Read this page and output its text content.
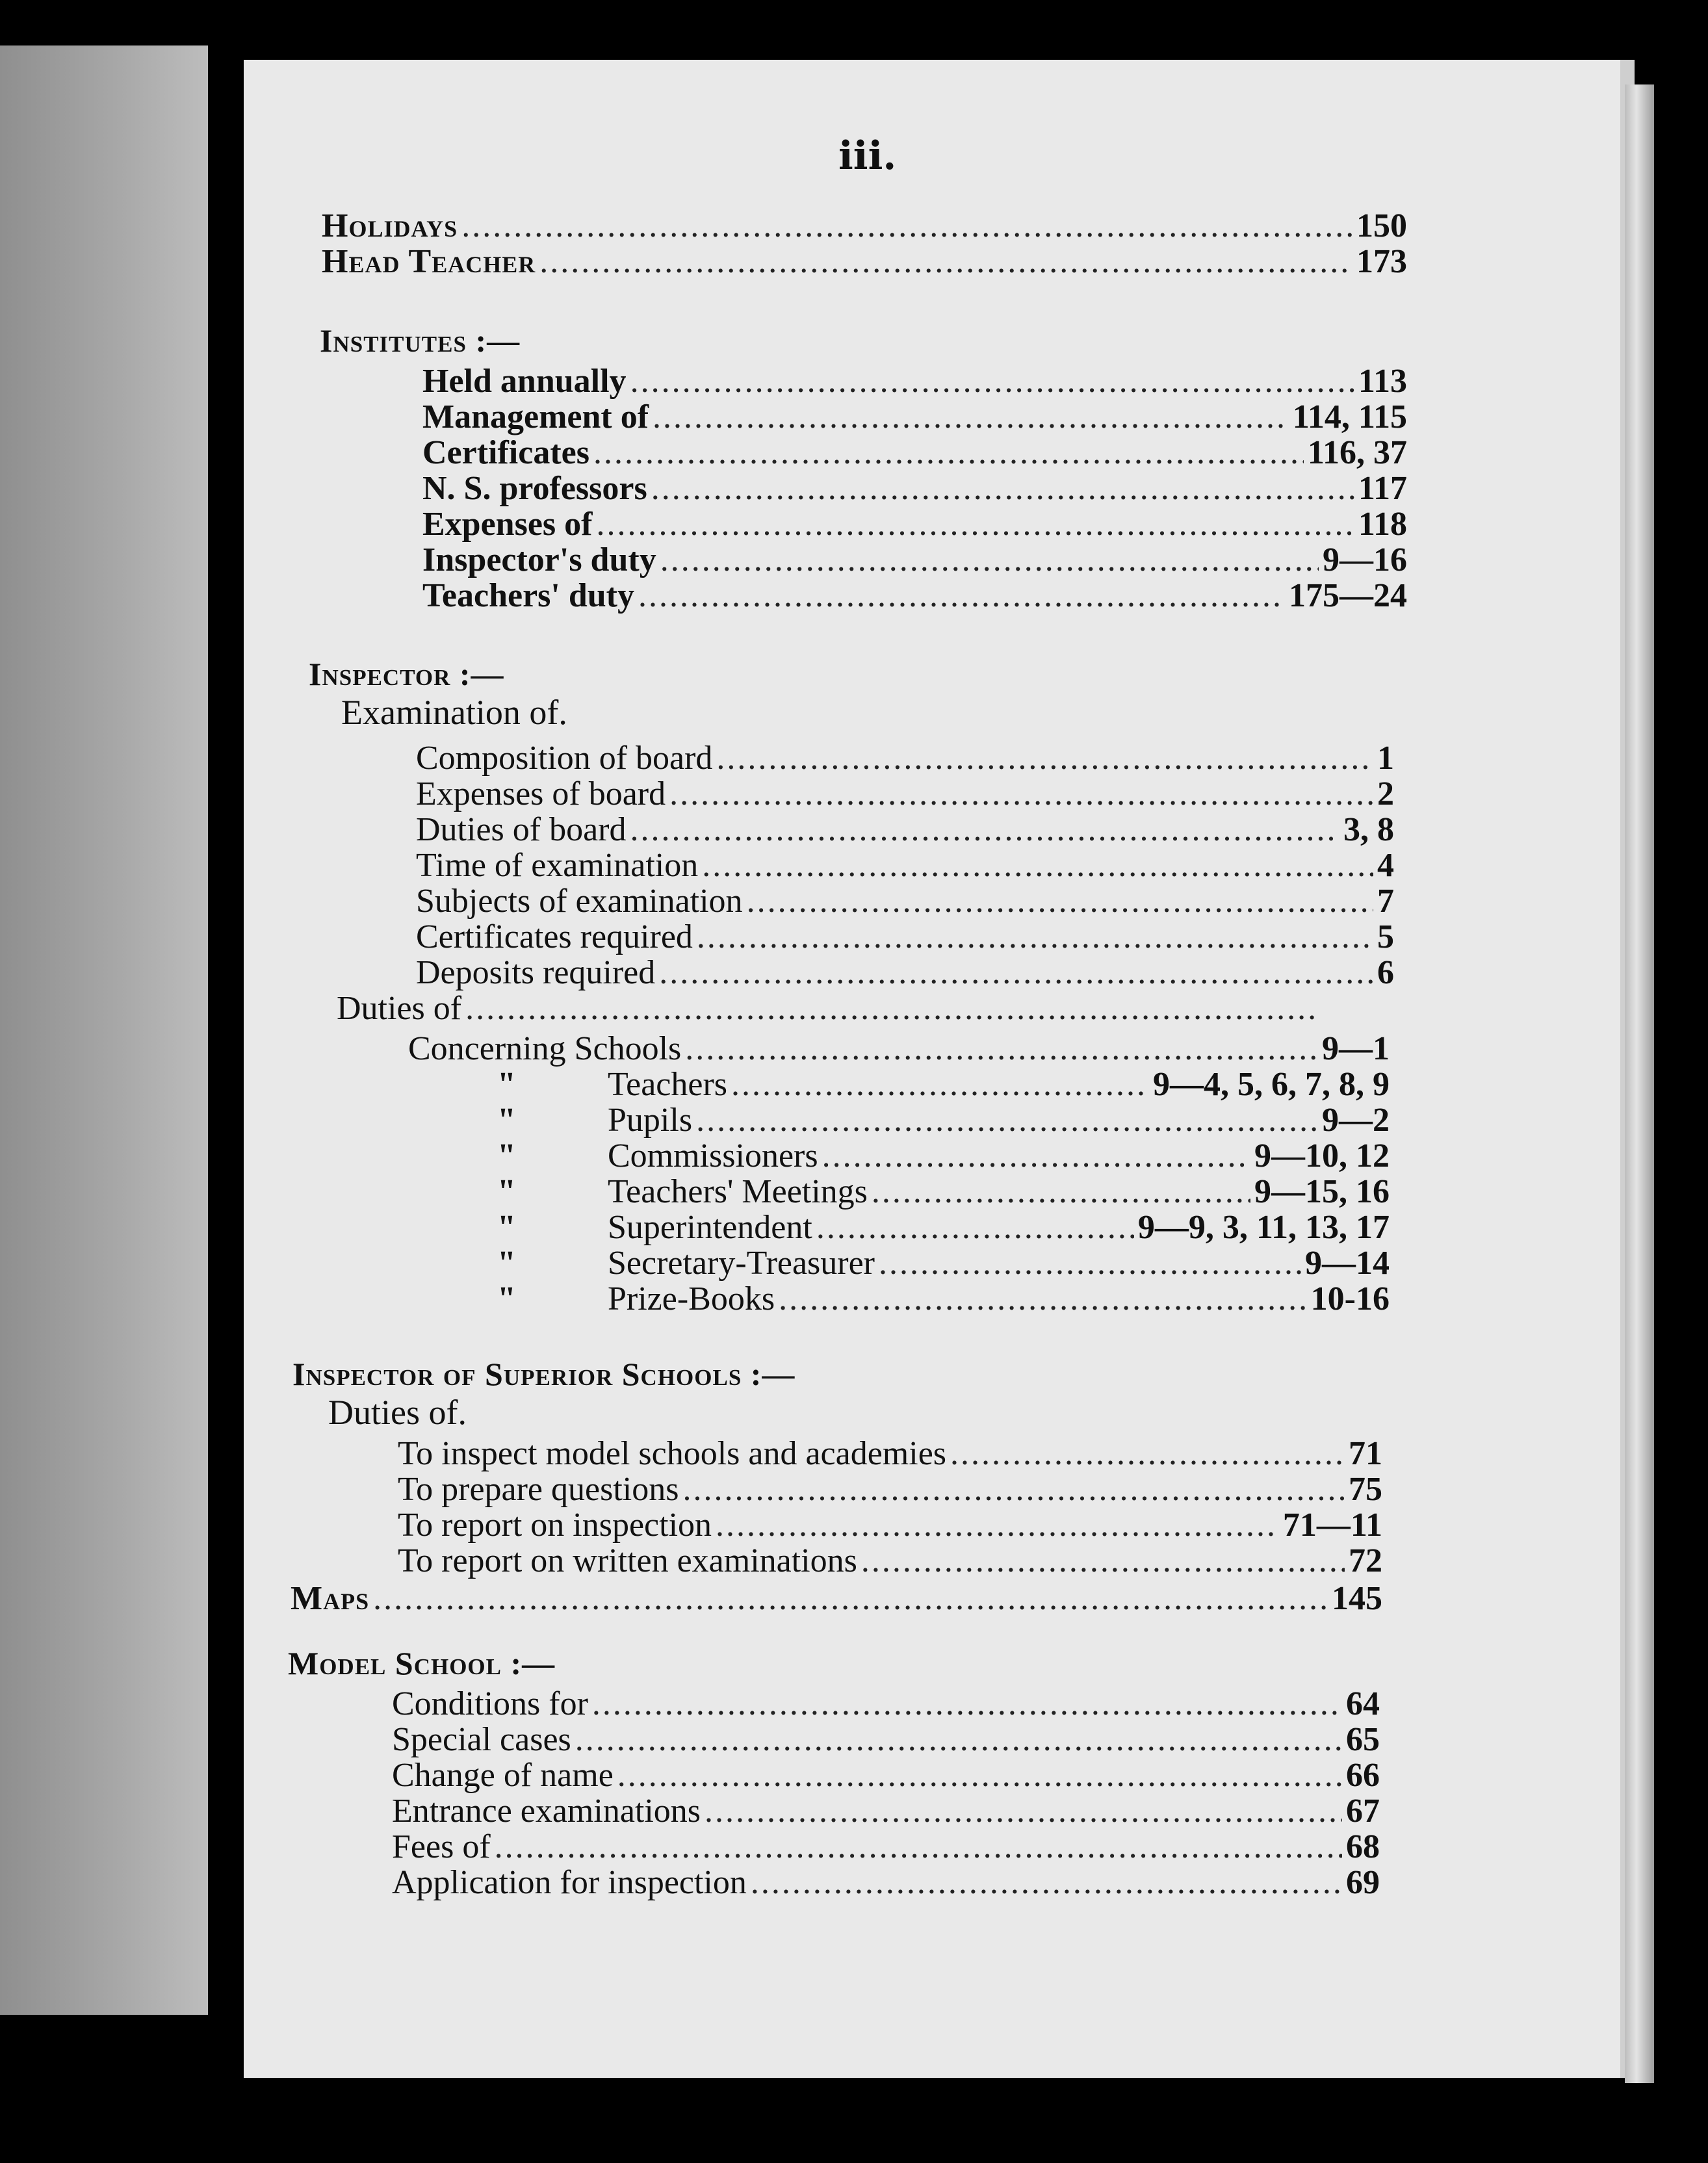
iii.
Holidays .....	150
Head Teacher .....	173
Institutes :—
Held annually .....	113
Management of .....	114, 115
Certificates .....	116, 37
N. S. professors .....	117
Expenses of .....	118
Inspector's duty .....	9—16
Teachers' duty .....	175—24
Inspector :—
Examination of.
Composition of board .....	1
Expenses of board .....	2
Duties of board .....	3, 8
Time of examination .....	4
Subjects of examination .....	7
Certificates required .....	5
Deposits required .....	6
Duties of
.....
Concerning Schools .....	9—1
"	Teachers .....	9—4, 5, 6, 7, 8, 9
"	Pupils .....	9—2
"	Commissioners .....	9—10, 12
"	Teachers' Meetings .....	9—15, 16
"	Superintendent .....	9—9, 3, 11, 13, 17
"	Secretary-Treasurer .....	9—14
"	Prize-Books .....	10-16
Inspector of Superior Schools :—
Duties of.
To inspect model schools and academies .....	71
To prepare questions .....	75
To report on inspection .....	71—11
To report on written examinations .....	72
Maps .....	145
Model School :—
Conditions for .....	64
Special cases .....	65
Change of name .....	66
Entrance examinations .....	67
Fees of .....	68
Application for inspection .....	69
